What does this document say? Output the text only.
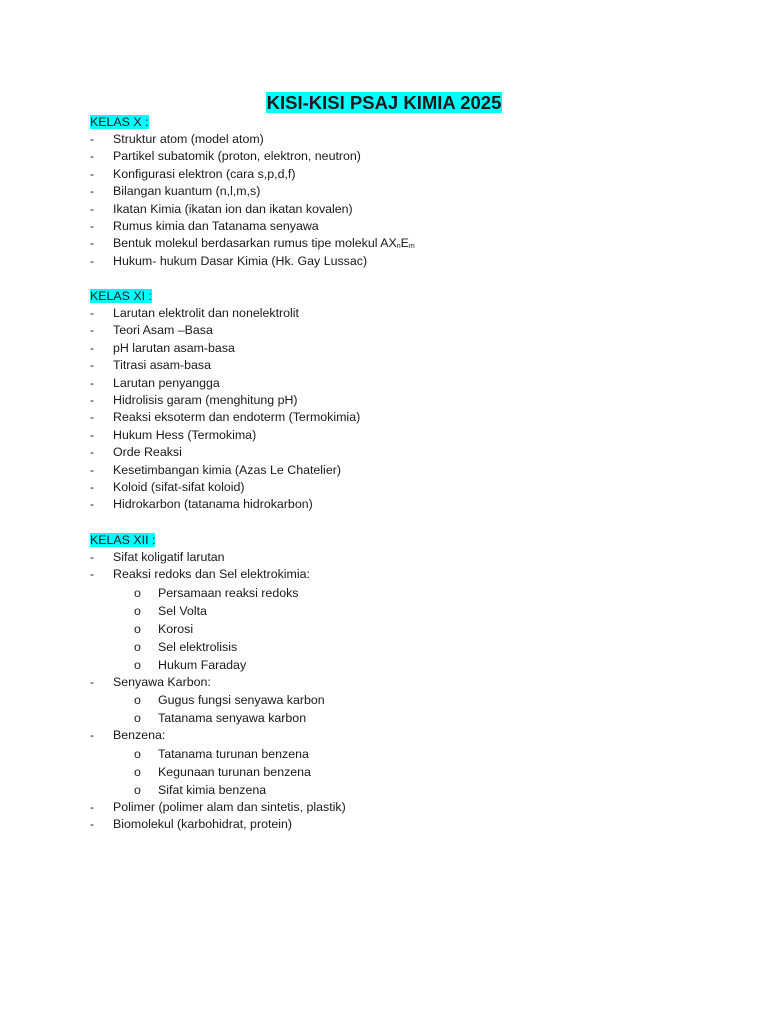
KISI-KISI PSAJ KIMIA 2025
KELAS X :
- Struktur atom (model atom)
- Partikel subatomik (proton, elektron, neutron)
- Konfigurasi elektron (cara s,p,d,f)
- Bilangan kuantum (n,l,m,s)
- Ikatan Kimia (ikatan ion dan ikatan kovalen)
- Rumus kimia dan Tatanama senyawa
- Bentuk molekul berdasarkan rumus tipe molekul $AX_nE_m$
- Hukum- hukum Dasar Kimia (Hk. Gay Lussac)
KELAS XI :
- Larutan elektrolit dan nonelektrolit
- Teori Asam –Basa
- pH larutan asam-basa
- Titrasi asam-basa
- Larutan penyangga
- Hidrolisis garam (menghitung pH)
- Reaksi eksoterm dan endoterm (Termokimia)
- Hukum Hess (Termokima)
- Orde Reaksi
- Kesetimbangan kimia (Azas Le Chatelier)
- Koloid (sifat-sifat koloid)
- Hidrokarbon (tatanama hidrokarbon)
KELAS XII :
- Sifat koligatif larutan
- Reaksi redoks dan Sel elektrokimia:
o Persamaan reaksi redoks
o Sel Volta
o Korosi
o Sel elektrolisis
o Hukum Faraday
- Senyawa Karbon:
o Gugus fungsi senyawa karbon
o Tatanama senyawa karbon
- Benzena:
o Tatanama turunan benzena
o Kegunaan turunan benzena
o Sifat kimia benzena
- Polimer (polimer alam dan sintetis, plastik)
- Biomolekul (karbohidrat, protein)
